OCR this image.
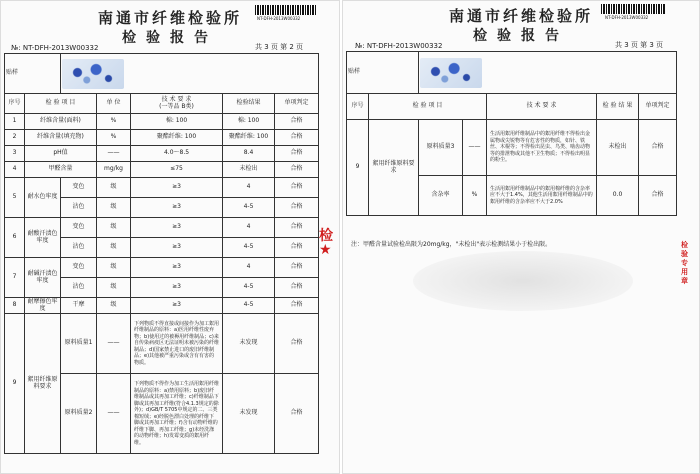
NT-DFH-2013W00332
南通市纤维检验所
检验报告
№: NT-DFH-2013W00332	共 3 页 第 2 页
贴样						

序号	检 验 项 目		单 位	技 术 要 求
(一等品 B类)	检验结果	单项判定
1	纤维含量(面料)		%	棉: 100	棉: 100	合格
2	纤维含量(填充物)		%	聚酯纤维: 100	聚酯纤维: 100	合格
3	pH值		——	4.0～8.5	8.4	合格
4	甲醛含量		mg/kg	≤75	未检出	合格
5	耐水色牢度	变色	级	≥3	4	合格
		沾色	级	≥3	4-5	合格
6	耐酸汗渍色牢度	变色	级	≥3	4	合格
		沾色	级	≥3	4-5	合格
7	耐碱汗渍色牢度	变色	级	≥3	4	合格
		沾色	级	≥3	4-5	合格
8	耐摩擦色牢度	干摩	级	≥3	4-5	合格
9	絮用纤维原料要求	原料质量1	——	下列物质不得直接或间接作为加工絮用纤维制品的原料：a)医用纤维性废弃物；b)使用过的被褥用纤维制品；c)来自传染病疫区无法证明未被污染的纤维制品；d)国家禁止进口的废旧纤维制品；e)其他被严重污染或含有有害的物质。	未发现	合格
		原料质量2	——	下列物质不得作为加工生活用絮用纤维制品的原料：a)禁用原料；b)废旧纤维制品或其再加工纤维；c)纤维制品下脚或其再加工纤维(符合4.1.3规定的除外)；d)GB/T 5705中规定的二、三类棉短绒；e)经脱色漂白处理的纤维下脚或其再加工纤维；f)含有动物纤维的纤维下脚、再加工纤维；g)未经洗涤的动物纤维；h)发霉变质的絮用纤维。	未发现	合格
检
★
NT-DFH-2013W00332
南通市纤维检验所
检验报告
№: NT-DFH-2013W00332	共 3 页 第 3 页
贴样						

序号	检 验 项 目			技 术 要 求	检 验 结 果	单项判定
9	絮用纤维原料要求	原料质量3	——	生活用絮用纤维制品中的絮用纤维不得检出金属物或尖锐物等有危害性的物质，如针、铁丝、木棍等；不得检出昆虫、鸟类、啮齿动物等的排泄物或其他不卫生物质；不得检出明显的粉尘。	未检出	合格
		含杂率	%	生活用絮用纤维制品中的絮用棉纤维的含杂率应不大于1.4%，其他生活用絮用纤维制品中的絮用纤维的含杂率应不大于2.0%	0.0	合格
注：甲醛含量试验检出限为20mg/kg，"未检出"表示检测结果小于检出限。	检验专用章
